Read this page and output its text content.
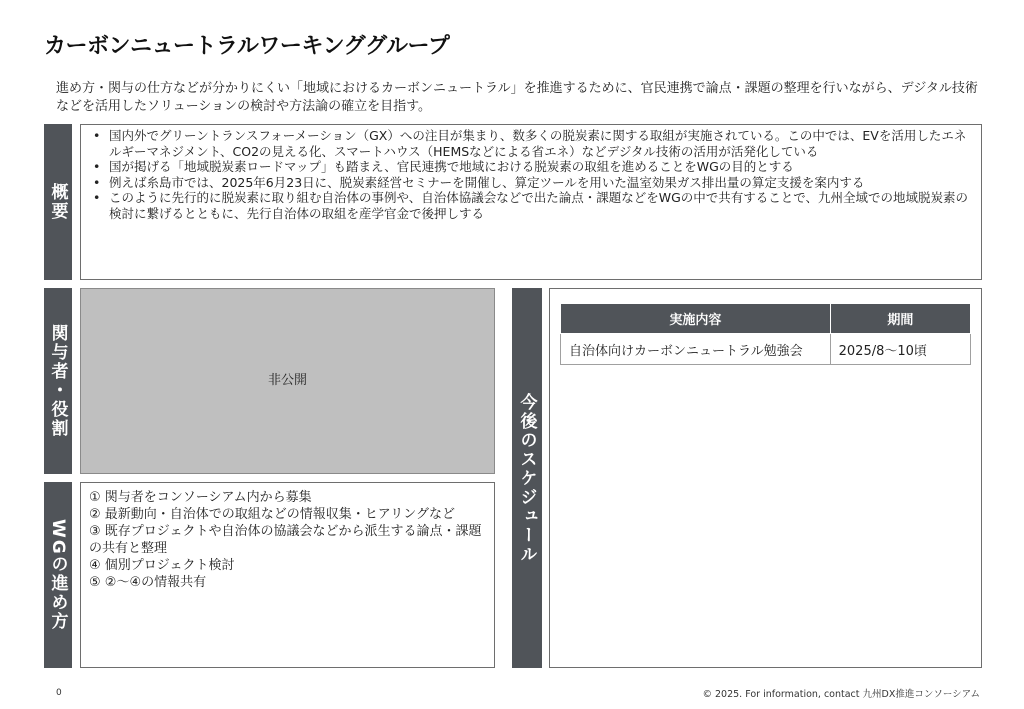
カーボンニュートラルワーキンググループ
進め方・関与の仕方などが分かりにくい「地域におけるカーボンニュートラル」を推進するために、官民連携で論点・課題の整理を行いながら、デジタル技術などを活用したソリューションの検討や方法論の確立を目指す。
概要
• 国内外でグリーントランスフォーメーション（GX）への注目が集まり、数多くの脱炭素に関する取組が実施されている。この中では、EVを活用したエネルギーマネジメント、CO2の見える化、スマートハウス（HEMSなどによる省エネ）などデジタル技術の活用が活発化している
• 国が掲げる「地域脱炭素ロードマップ」も踏まえ、官民連携で地域における脱炭素の取組を進めることをWGの目的とする
• 例えば糸島市では、2025年6月23日に、脱炭素経営セミナーを開催し、算定ツールを用いた温室効果ガス排出量の算定支援を案内する
• このように先行的に脱炭素に取り組む自治体の事例や、自治体協議会などで出た論点・課題などをWGの中で共有することで、九州全域での地域脱炭素の検討に繋げるとともに、先行自治体の取組を産学官金で後押しする
関与者・役割	非公開
WG
の進め方
① 関与者をコンソーシアム内から募集
② 最新動向・自治体での取組などの情報収集・ヒアリングなど
③ 既存プロジェクトや自治体の協議会などから派生する論点・課題の共有と整理
④ 個別プロジェクト検討
⑤ ②～④の情報共有
今後のスケジュール
実施内容	期間
自治体向けカーボンニュートラル勉強会	2025/8～10頃
0	© 2025. For information, contact 九州DX推進コンソーシアム
